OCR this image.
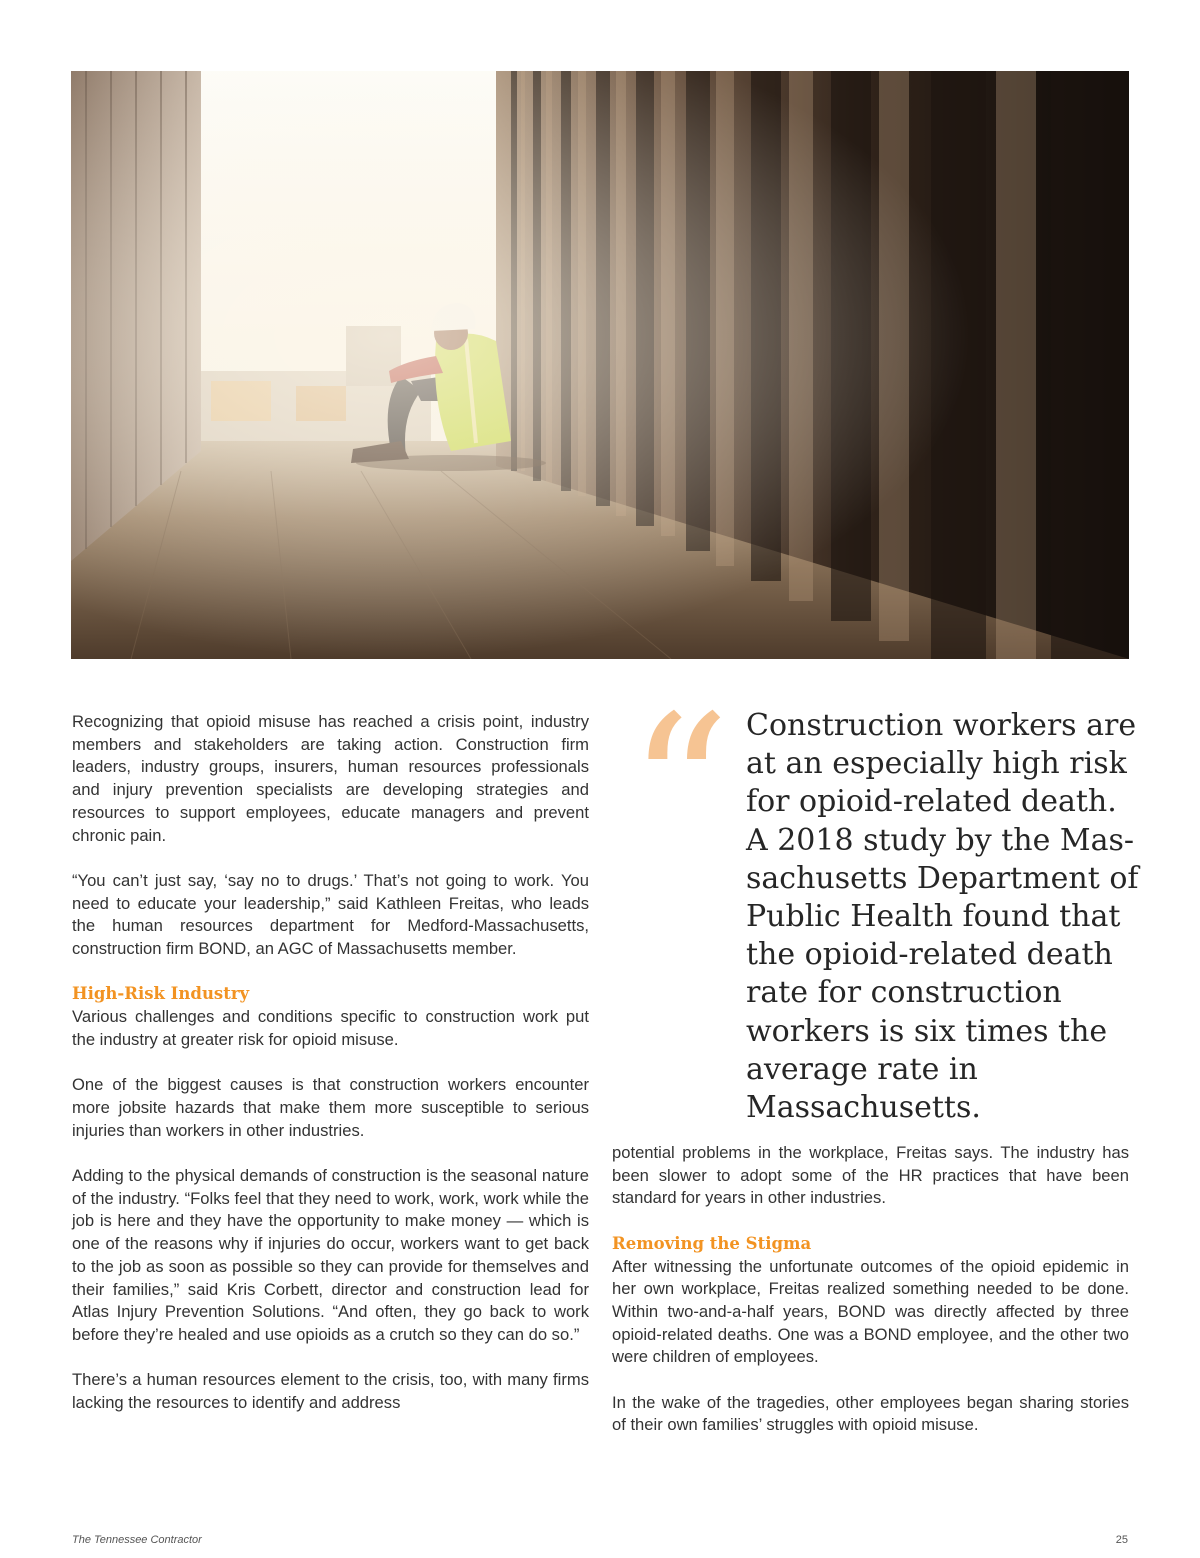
Recognizing that opioid misuse has reached a crisis point, industry members and stakeholders are taking action. Construction firm leaders, industry groups, insurers, human resources professionals and injury prevention specialists are developing strategies and resources to support employees, educate managers and prevent chronic pain.

“You can’t just say, ‘say no to drugs.’ That’s not going to work. You need to educate your leadership,” said Kathleen Freitas, who leads the human resources department for Medford-Massachusetts, construction firm BOND, an AGC of Massachusetts member.

High-Risk Industry

Various challenges and conditions specific to construction work put the industry at greater risk for opioid misuse.

One of the biggest causes is that construction workers encounter more jobsite hazards that make them more susceptible to serious injuries than workers in other industries.

Adding to the physical demands of construction is the seasonal nature of the industry. “Folks feel that they need to work, work, work while the job is here and they have the opportunity to make money — which is one of the reasons why if injuries do occur, workers want to get back to the job as soon as possible so they can provide for themselves and their families,” said Kris Corbett, director and construction lead for Atlas Injury Prevention Solutions. “And often, they go back to work before they’re healed and use opioids as a crutch so they can do so.”

There’s a human resources element to the crisis, too, with many firms lacking the resources to identify and address

“ Construction workers are at an especially high risk for opioid-related death. A 2018 study by the Massachusetts Department of Public Health found that the opioid-related death rate for construction workers is six times the average rate in Massachusetts.

potential problems in the workplace, Freitas says. The industry has been slower to adopt some of the HR practices that have been standard for years in other industries.

Removing the Stigma

After witnessing the unfortunate outcomes of the opioid epidemic in her own workplace, Freitas realized something needed to be done. Within two-and-a-half years, BOND was directly affected by three opioid-related deaths. One was a BOND employee, and the other two were children of employees.

In the wake of the tragedies, other employees began sharing stories of their own families’ struggles with opioid misuse.

The Tennessee Contractor	25
